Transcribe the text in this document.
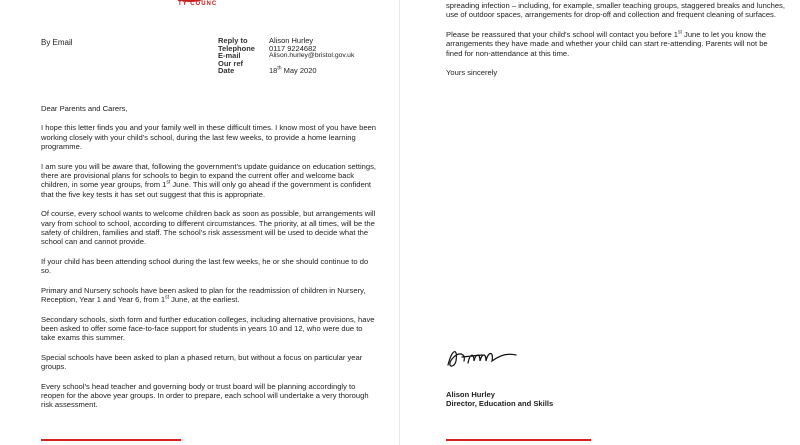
TY COUNC
By Email	Reply to	Alison Hurley
Telephone	0117 9224682
E-mail	Alison.hurley@bristol.gov.uk
Our ref
Date	18th May 2020

Dear Parents and Carers,

I hope this letter finds you and your family well in these difficult times. I know most of you have been working closely with your child’s school, during the last few weeks, to provide a home learning programme.

I am sure you will be aware that, following the government’s update guidance on education settings, there are provisional plans for schools to begin to expand the current offer and welcome back children, in some year groups, from 1st June. This will only go ahead if the government is confident that the five key tests it has set out suggest that this is appropriate.

Of course, every school wants to welcome children back as soon as possible, but arrangements will vary from school to school, according to different circumstances. The priority, at all times, will be the safety of children, families and staff. The school’s risk assessment will be used to decide what the school can and cannot provide.

If your child has been attending school during the last few weeks, he or she should continue to do so.

Primary and Nursery schools have been asked to plan for the readmission of children in Nursery, Reception, Year 1 and Year 6, from 1st June, at the earliest.

Secondary schools, sixth form and further education colleges, including alternative provisions, have been asked to offer some face-to-face support for students in years 10 and 12, who were due to take exams this summer.

Special schools have been asked to plan a phased return, but without a focus on particular year groups.

Every school’s head teacher and governing body or trust board will be planning accordingly to reopen for the above year groups. In order to prepare, each school will undertake a very thorough risk assessment.

spreading infection – including, for example, smaller teaching groups, staggered breaks and lunches, use of outdoor spaces, arrangements for drop-off and collection and frequent cleaning of surfaces.

Please be reassured that your child’s school will contact you before 1st June to let you know the arrangements they have made and whether your child can start re-attending. Parents will not be fined for non-attendance at this time.

Yours sincerely

Alison Hurley
Director, Education and Skills
